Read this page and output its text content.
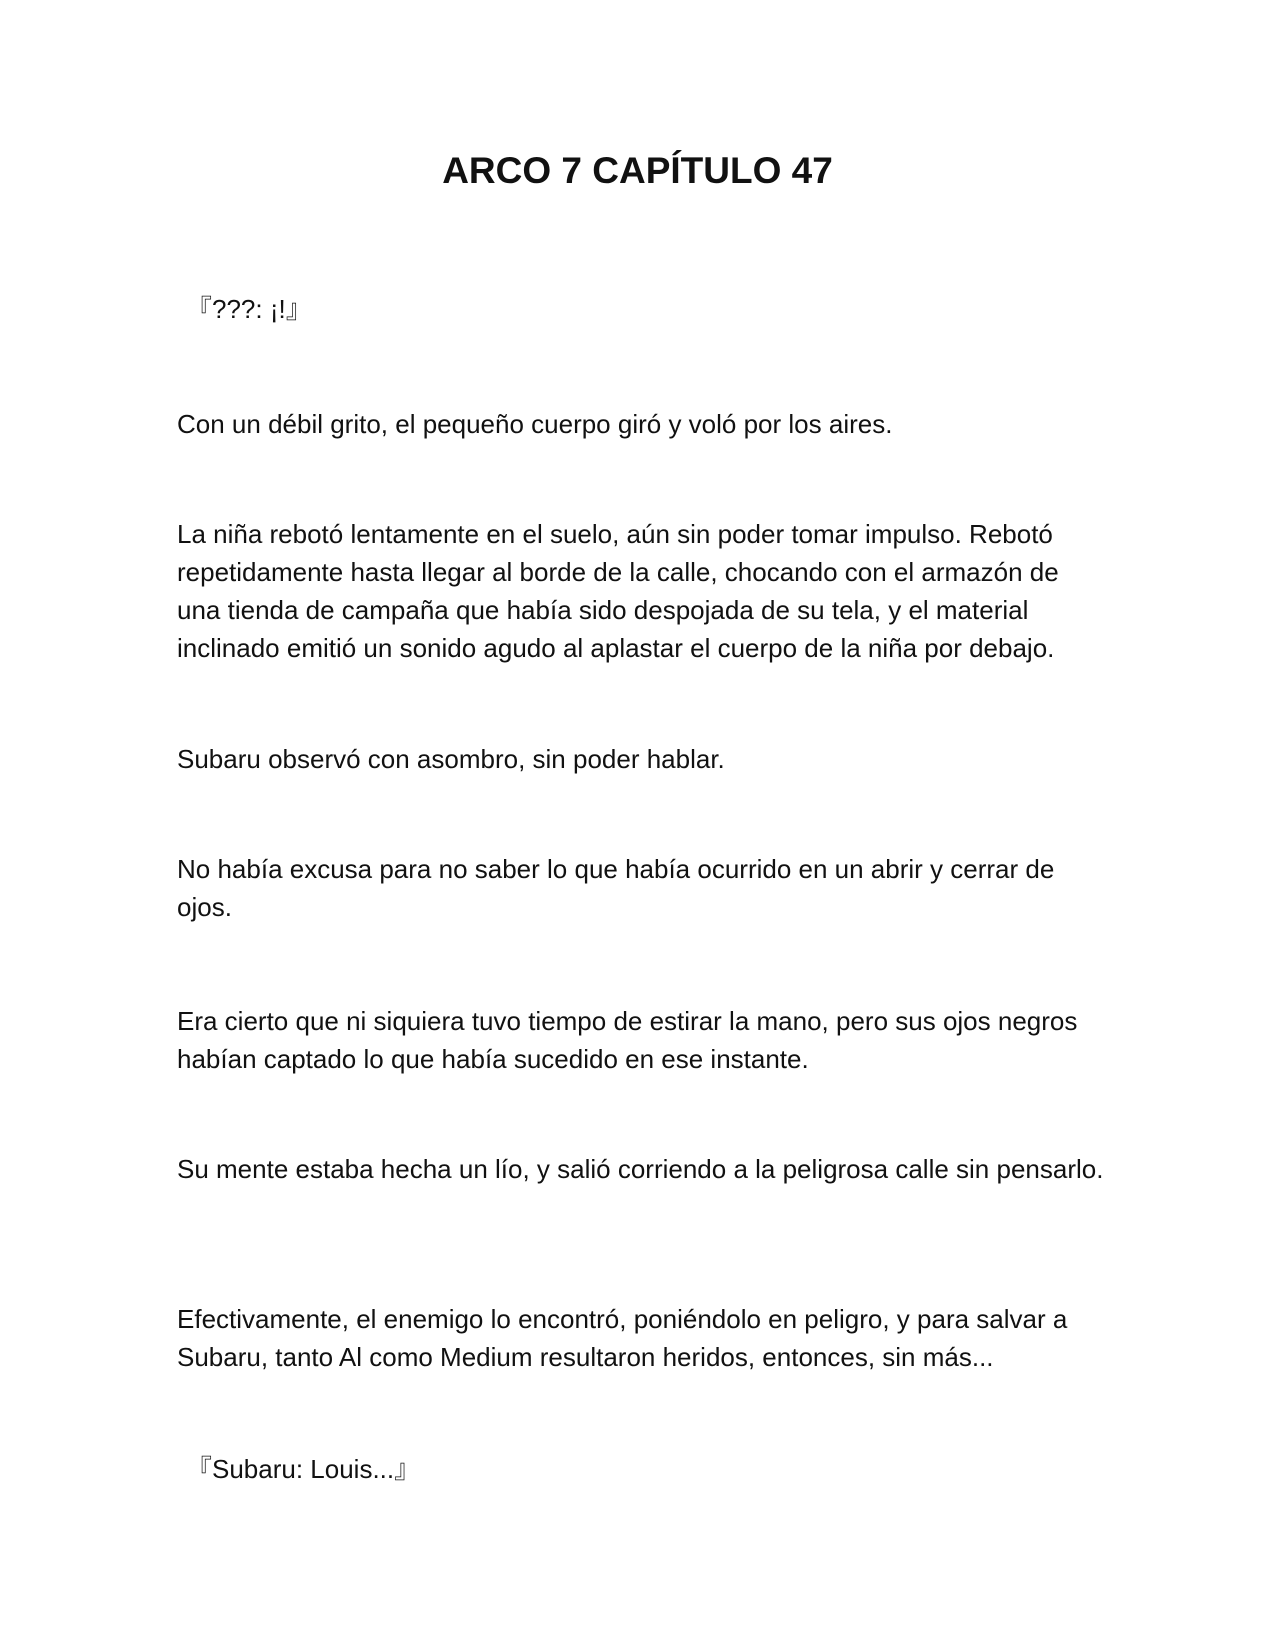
ARCO 7 CAPÍTULO 47

『???: ¡!』

Con un débil grito, el pequeño cuerpo giró y voló por los aires.

La niña rebotó lentamente en el suelo, aún sin poder tomar impulso. Rebotó repetidamente hasta llegar al borde de la calle, chocando con el armazón de una tienda de campaña que había sido despojada de su tela, y el material inclinado emitió un sonido agudo al aplastar el cuerpo de la niña por debajo.

Subaru observó con asombro, sin poder hablar.

No había excusa para no saber lo que había ocurrido en un abrir y cerrar de ojos.

Era cierto que ni siquiera tuvo tiempo de estirar la mano, pero sus ojos negros habían captado lo que había sucedido en ese instante.

Su mente estaba hecha un lío, y salió corriendo a la peligrosa calle sin pensarlo.

Efectivamente, el enemigo lo encontró, poniéndolo en peligro, y para salvar a Subaru, tanto Al como Medium resultaron heridos, entonces, sin más...

『Subaru: Louis...』
